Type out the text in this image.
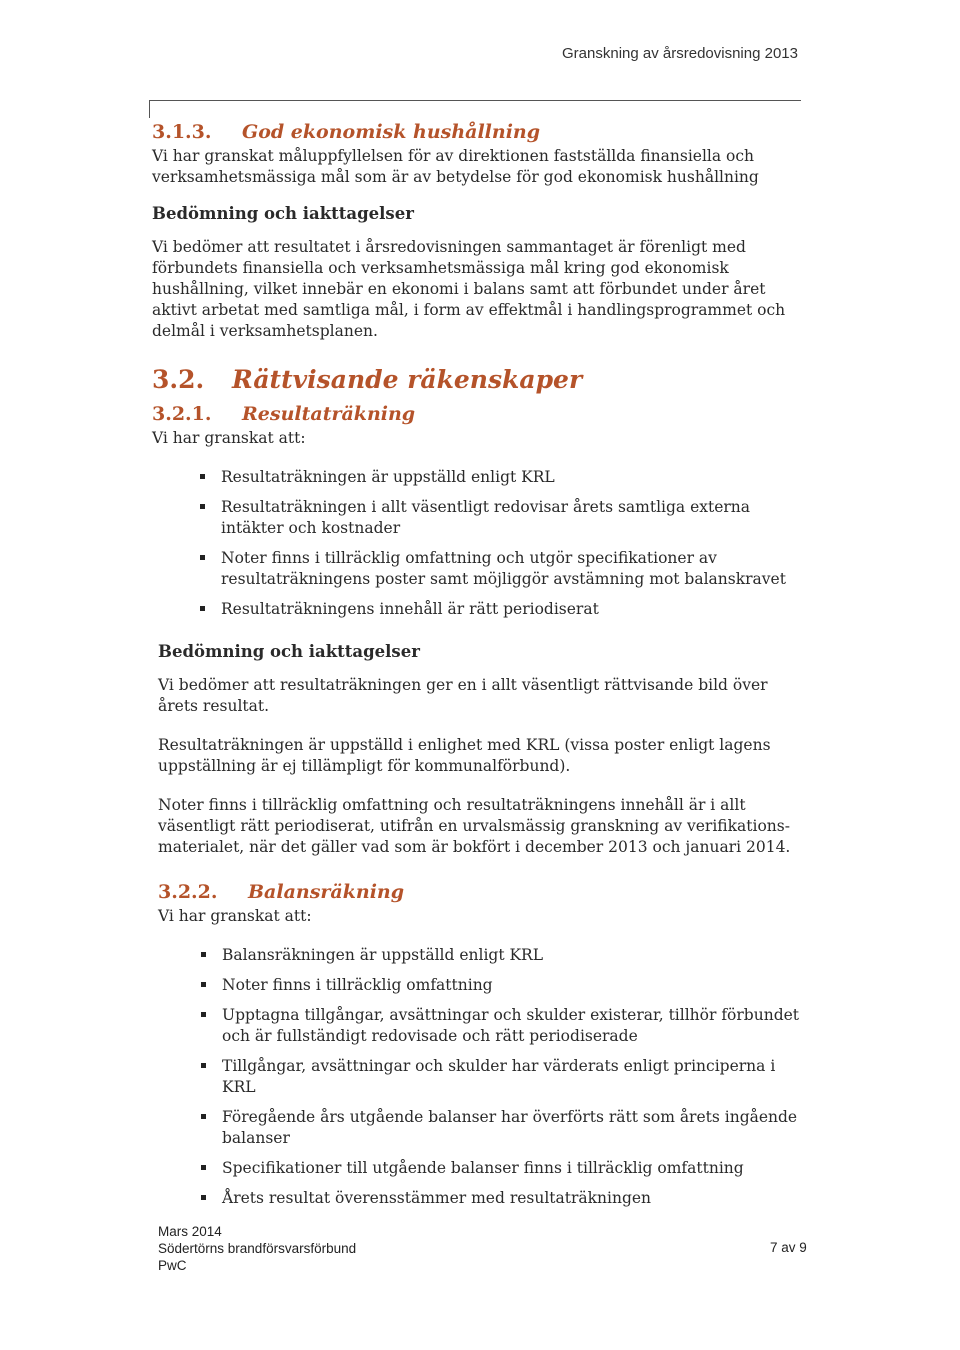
Granskning av årsredovisning 2013
3.1.3. God ekonomisk hushållning

Vi har granskat måluppfyllelsen för av direktionen fastställda finansiella och verksamhetsmässiga mål som är av betydelse för god ekonomisk hushållning

Bedömning och iakttagelser

Vi bedömer att resultatet i årsredovisningen sammantaget är förenligt med förbundets finansiella och verksamhetsmässiga mål kring god ekonomisk hushållning, vilket innebär en ekonomi i balans samt att förbundet under året aktivt arbetat med samtliga mål, i form av effektmål i handlingsprogrammet och delmål i verksamhetsplanen.

3.2. Rättvisande räkenskaper
3.2.1. Resultaträkning

Vi har granskat att:

Resultaträkningen är uppställd enligt KRL
Resultaträkningen i allt väsentligt redovisar årets samtliga externa intäkter och kostnader
Noter finns i tillräcklig omfattning och utgör specifikationer av resultaträkningens poster samt möjliggör avstämning mot balanskravet
Resultaträkningens innehåll är rätt periodiserat
Bedömning och iakttagelser

Vi bedömer att resultaträkningen ger en i allt väsentligt rättvisande bild över årets resultat.

Resultaträkningen är uppställd i enlighet med KRL (vissa poster enligt lagens uppställning är ej tillämpligt för kommunalförbund).

Noter finns i tillräcklig omfattning och resultaträkningens innehåll är i allt väsentligt rätt periodiserat, utifrån en urvalsmässig granskning av verifikations-materialet, när det gäller vad som är bokfört i december 2013 och januari 2014.

3.2.2. Balansräkning

Vi har granskat att:

Balansräkningen är uppställd enligt KRL
Noter finns i tillräcklig omfattning
Upptagna tillgångar, avsättningar och skulder existerar, tillhör förbundet och är fullständigt redovisade och rätt periodiserade
Tillgångar, avsättningar och skulder har värderats enligt principerna i KRL
Föregående års utgående balanser har överförts rätt som årets ingående balanser
Specifikationer till utgående balanser finns i tillräcklig omfattning
Årets resultat överensstämmer med resultaträkningen
Mars 2014
Södertörns brandförsvarsförbund
PwC
7 av 9
